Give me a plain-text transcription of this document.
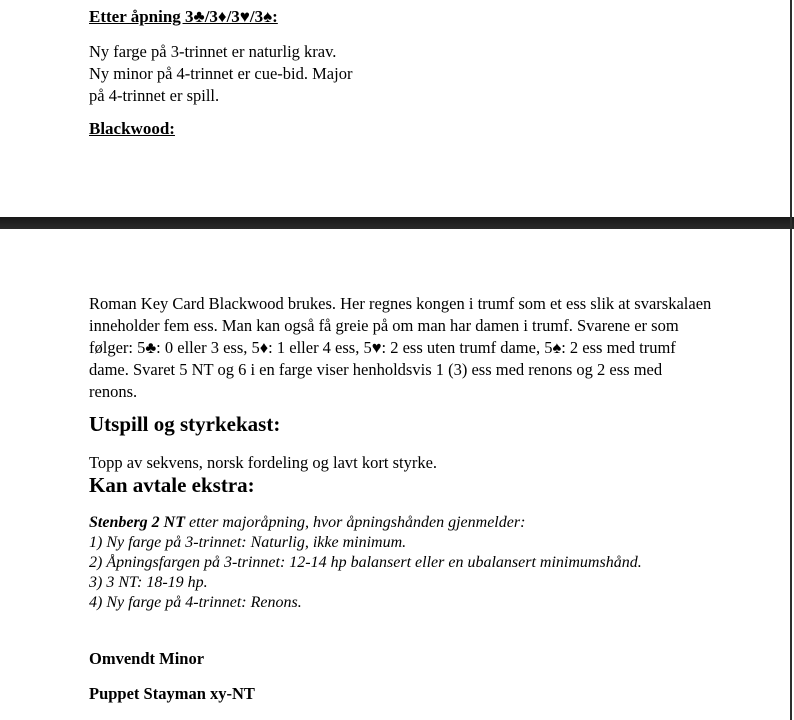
Etter åpning 3♣/3♦/3♥/3♠:
Ny farge på 3-trinnet er naturlig krav.
Ny minor på 4-trinnet er cue-bid. Major
på 4-trinnet er spill.
Blackwood:
Roman Key Card Blackwood brukes. Her regnes kongen i trumf som et ess slik at svarskalaen
inneholder fem ess. Man kan også få greie på om man har damen i trumf. Svarene er som
følger: 5♣: 0 eller 3 ess, 5♦: 1 eller 4 ess, 5♥: 2 ess uten trumf dame, 5♠: 2 ess med trumf
dame. Svaret 5 NT og 6 i en farge viser henholdsvis 1 (3) ess med renons og 2 ess med
renons.
Utspill og styrkekast:
Topp av sekvens, norsk fordeling og lavt kort styrke.
Kan avtale ekstra:
Stenberg 2 NT etter majoråpning, hvor åpningshånden gjenmelder:
1) Ny farge på 3-trinnet: Naturlig, ikke minimum.
2) Åpningsfargen på 3-trinnet: 12-14 hp balansert eller en ubalansert minimumshånd.
3) 3 NT: 18-19 hp.
4) Ny farge på 4-trinnet: Renons.
Omvendt Minor
Puppet Stayman xy-NT
